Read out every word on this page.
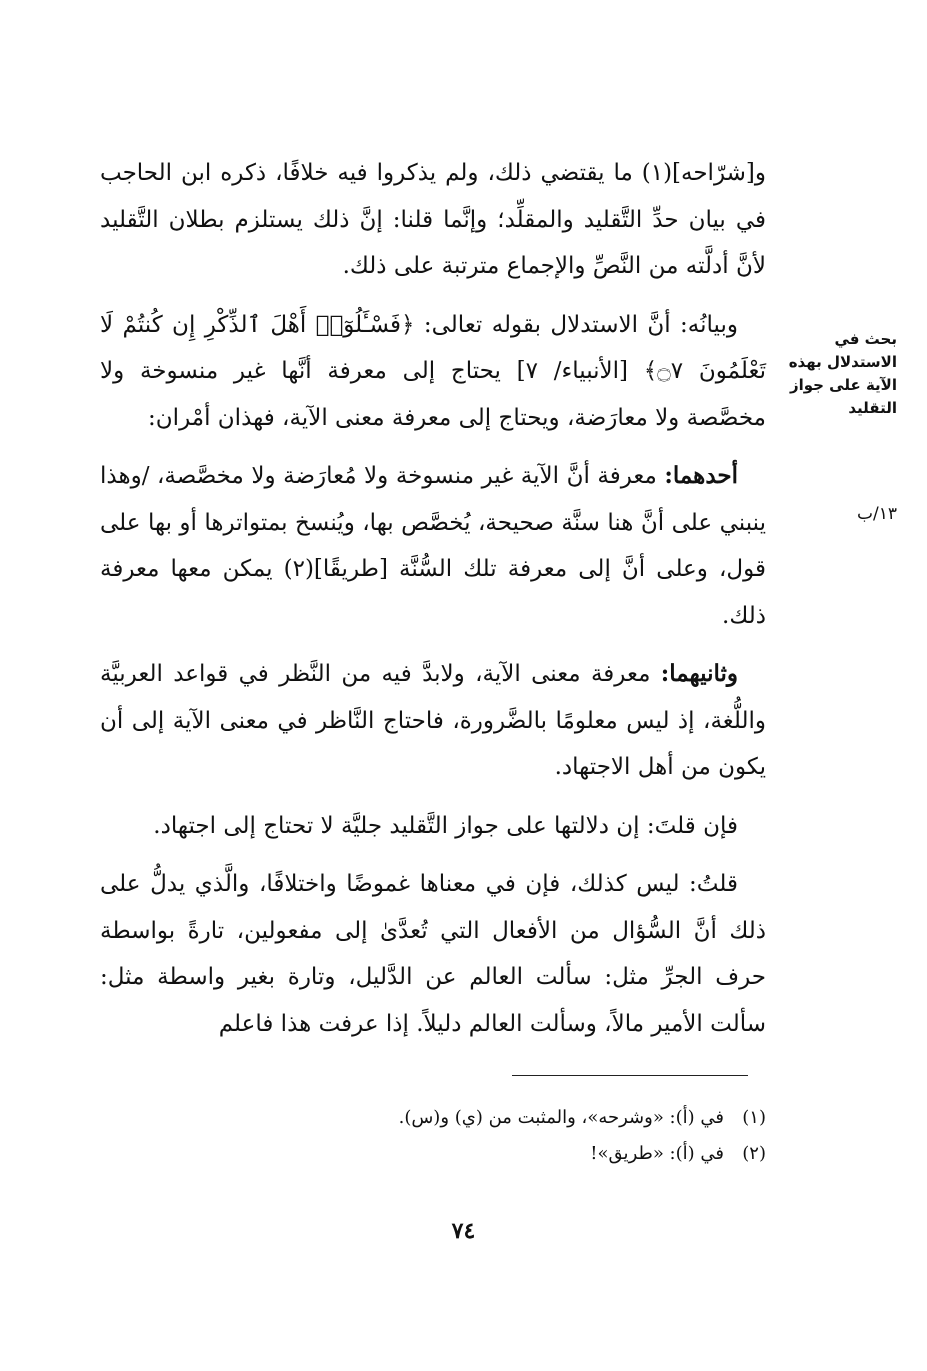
و[شرّاحه](١) ما يقتضي ذلك، ولم يذكروا فيه خلافًا، ذكره ابن الحاجب في بيان حدِّ التَّقليد والمقلِّد؛ وإنَّما قلنا: إنَّ ذلك يستلزم بطلان التَّقليد لأنَّ أدلَّته من النَّصِّ والإجماع مترتبة على ذلك.

وبيانُه: أنَّ الاستدلال بقوله تعالى: ﴿فَسْـَٔلُوٓا۟ أَهْلَ ٱلذِّكْرِ إِن كُنتُمْ لَا تَعْلَمُونَ ۝٧﴾ [الأنبياء/ ٧] يحتاج إلى معرفة أنَّها غير منسوخة ولا مخصَّصة ولا معارَضة، ويحتاج إلى معرفة معنى الآية، فهذان أمْران:

أحدهما: معرفة أنَّ الآية غير منسوخة ولا مُعارَضة ولا مخصَّصة، /وهذا ينبني على أنَّ هنا سنَّة صحيحة، يُخصَّص بها، ويُنسخ بمتواترها أو بها على قول، وعلى أنَّ إلى معرفة تلك السُّنَّة [طريقًا](٢) يمكن معها معرفة ذلك.

وثانيهما: معرفة معنى الآية، ولابدَّ فيه من النَّظر في قواعد العربيَّة واللُّغة، إذ ليس معلومًا بالضَّرورة، فاحتاج النَّاظر في معنى الآية إلى أن يكون من أهل الاجتهاد.

فإن قلتَ: إن دلالتها على جواز التَّقليد جليَّة لا تحتاج إلى اجتهاد.

قلتُ: ليس كذلك، فإن في معناها غموضًا واختلافًا، والَّذي يدلُّ على ذلك أنَّ السُّؤال من الأفعال التي تُعدَّىٰ إلى مفعولين، تارةً بواسطة حرف الجرِّ مثل: سألت العالم عن الدَّليل، وتارة بغير واسطة مثل: سألت الأمير مالاً، وسألت العالم دليلاً. إذا عرفت هذا فاعلم

بحث في الاستدلال بهذه الآية على جواز التقليد
١٣/ب
(١)في (أ): «وشرحه»، والمثبت من (ي) و(س).
(٢)في (أ): «طريق»!
٧٤
